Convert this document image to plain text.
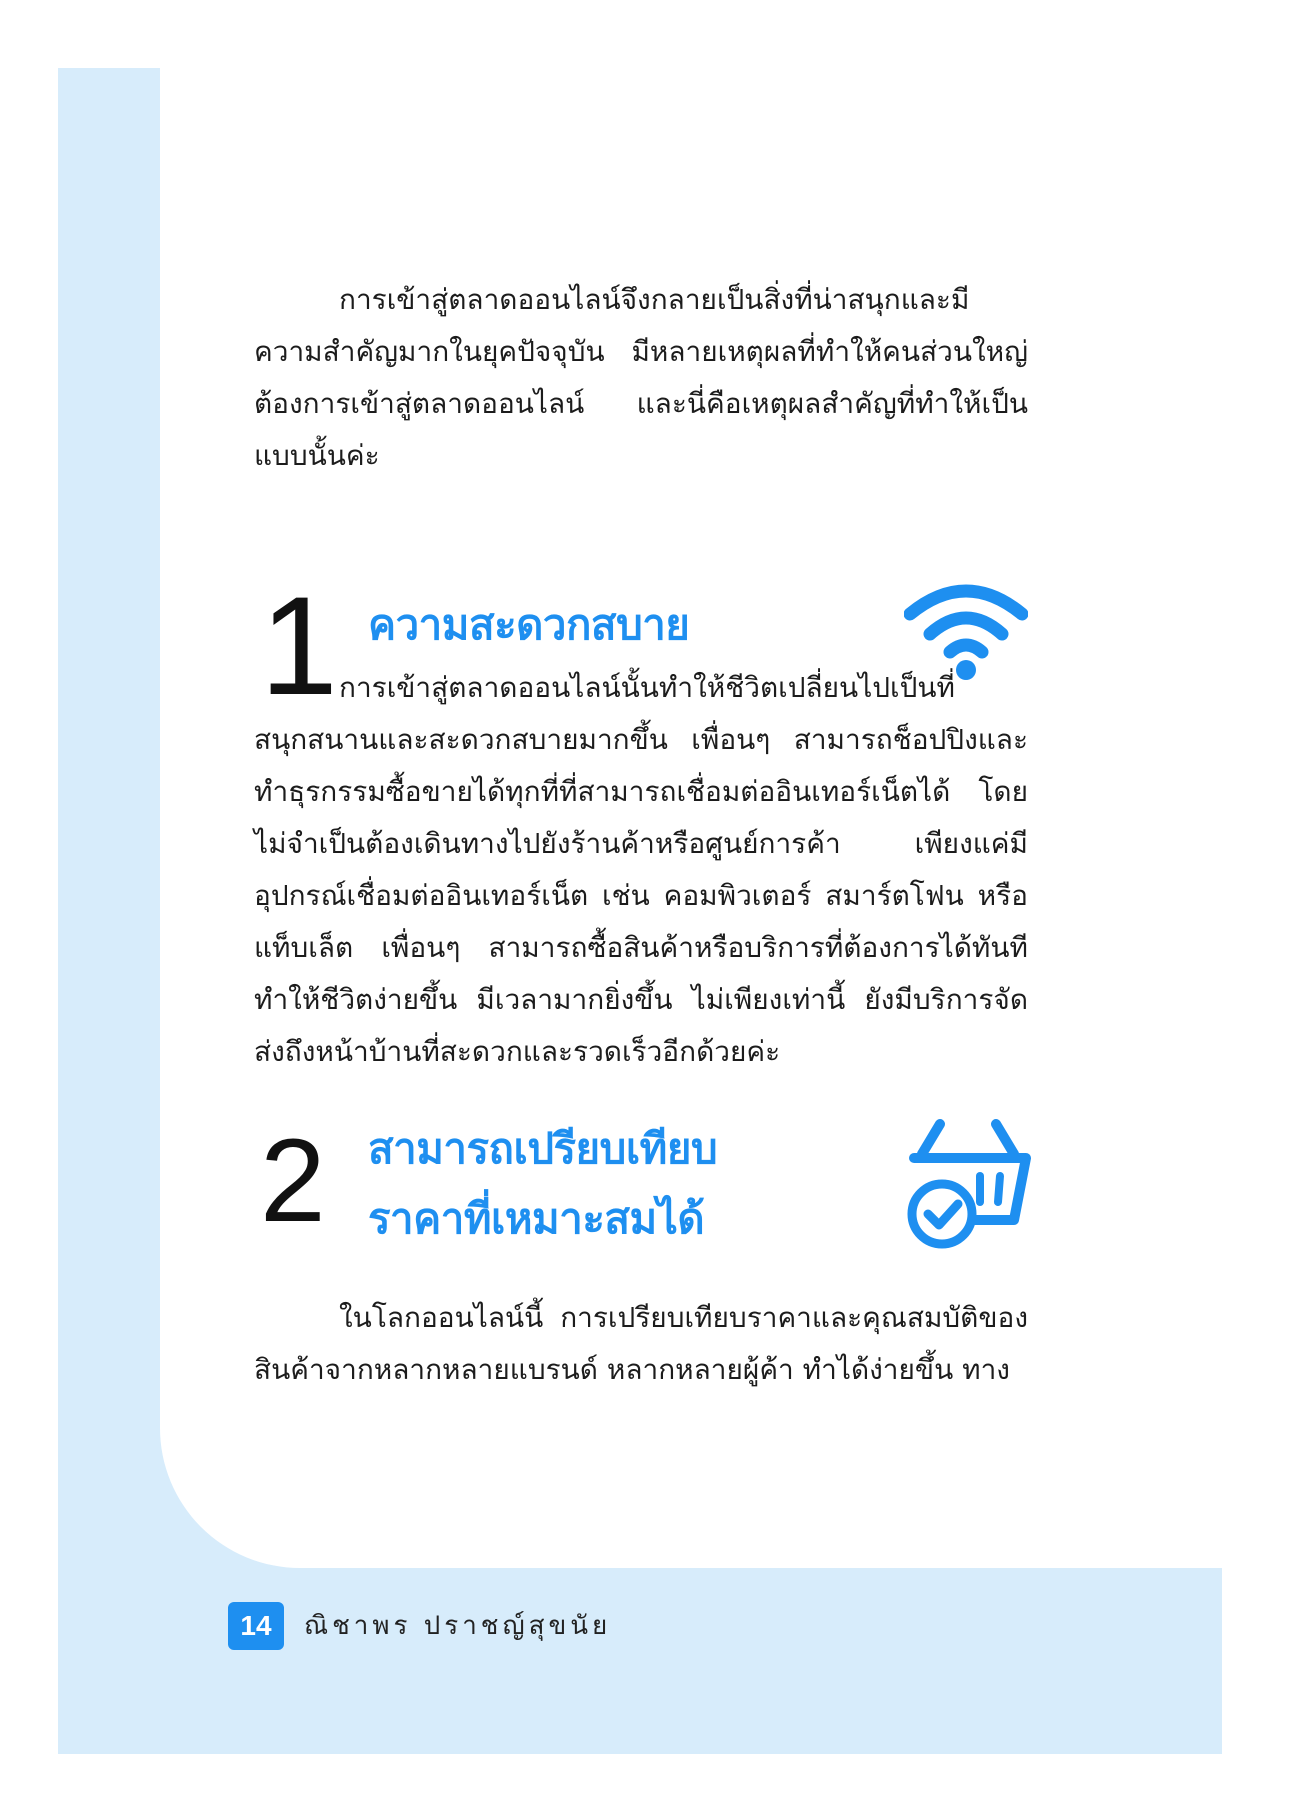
การเข้าสู่ตลาดออนไลน์จึงกลายเป็นสิ่งที่น่าสนุกและมีความสำคัญมากในยุคปัจจุบัน มีหลายเหตุผลที่ทำให้คนส่วนใหญ่ต้องการเข้าสู่ตลาดออนไลน์ และนี่คือเหตุผลสำคัญที่ทำให้เป็นแบบนั้นค่ะ

1 ความสะดวกสบาย

การเข้าสู่ตลาดออนไลน์นั้นทำให้ชีวิตเปลี่ยนไปเป็นที่สนุกสนานและสะดวกสบายมากขึ้น เพื่อนๆ สามารถช็อปปิงและทำธุรกรรมซื้อขายได้ทุกที่ที่สามารถเชื่อมต่ออินเทอร์เน็ตได้ โดยไม่จำเป็นต้องเดินทางไปยังร้านค้าหรือศูนย์การค้า เพียงแค่มีอุปกรณ์เชื่อมต่ออินเทอร์เน็ต เช่น คอมพิวเตอร์ สมาร์ตโฟน หรือแท็บเล็ต เพื่อนๆ สามารถซื้อสินค้าหรือบริการที่ต้องการได้ทันที ทำให้ชีวิตง่ายขึ้น มีเวลามากยิ่งขึ้น ไม่เพียงเท่านี้ ยังมีบริการจัดส่งถึงหน้าบ้านที่สะดวกและรวดเร็วอีกด้วยค่ะ

2 สามารถเปรียบเทียบ
ราคาที่เหมาะสมได้

ในโลกออนไลน์นี้ การเปรียบเทียบราคาและคุณสมบัติของสินค้าจากหลากหลายแบรนด์ หลากหลายผู้ค้า ทำได้ง่ายขึ้น ทาง

14	ณิชาพร ปราชญ์สุขนัย
